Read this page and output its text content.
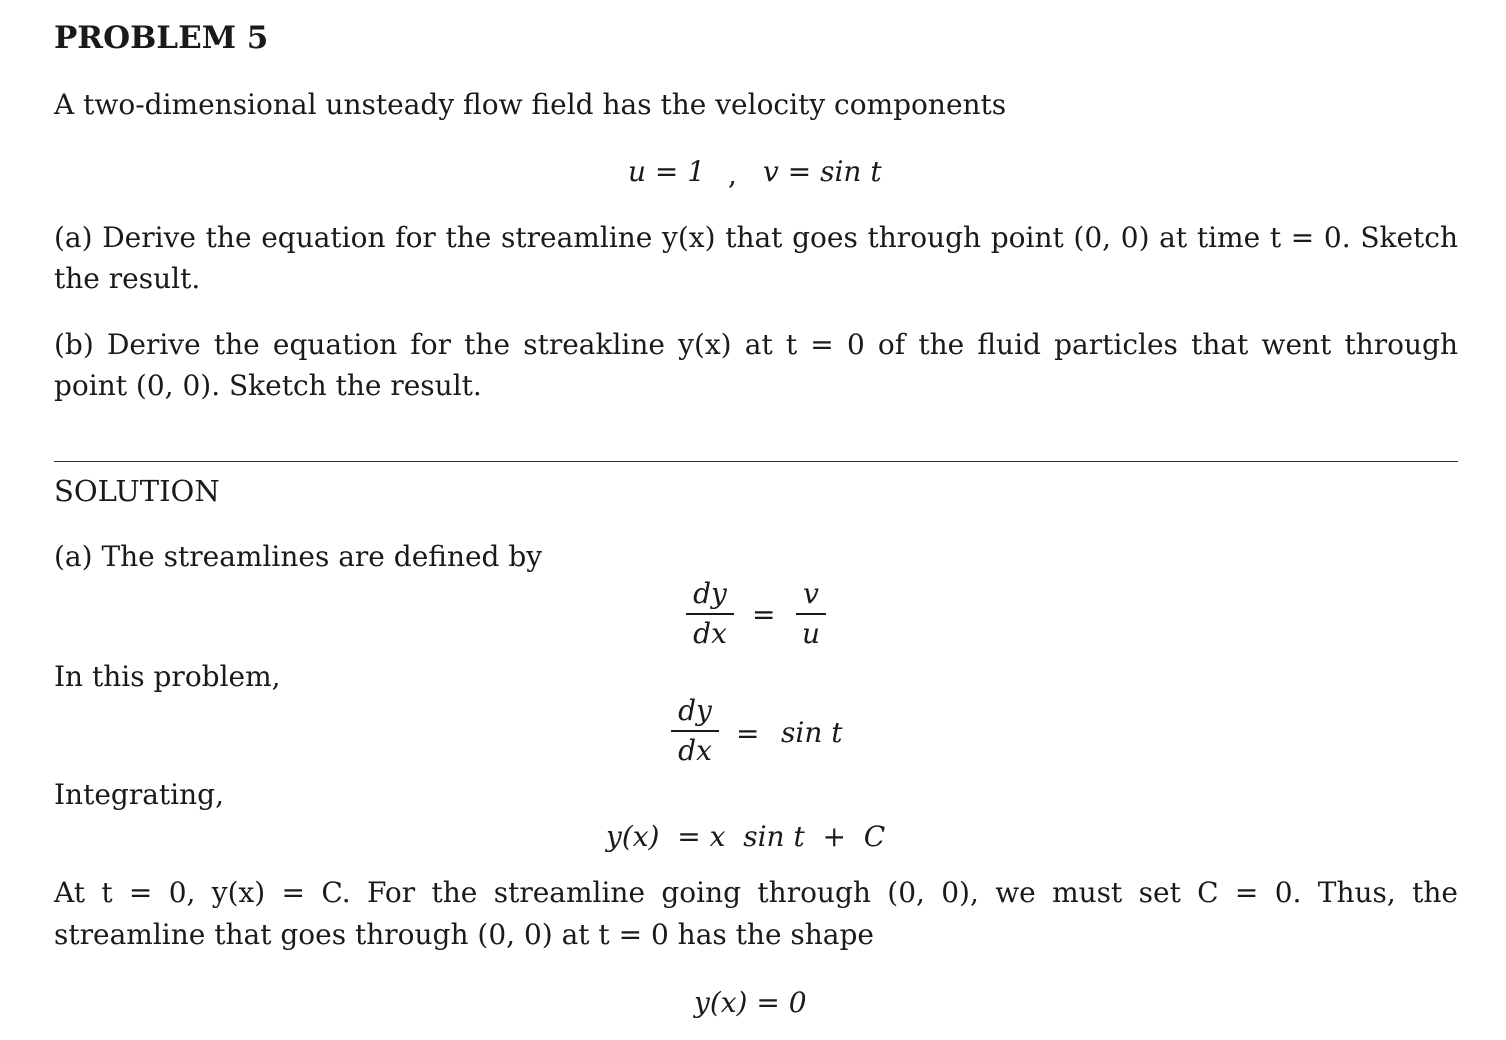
PROBLEM 5
A two-dimensional unsteady flow field has the velocity components
u = 1 , v = sin t
(a) Derive the equation for the streamline y(x) that goes through point (0, 0) at time t = 0. Sketch
the result.
(b) Derive the equation for the streakline y(x) at t = 0 of the fluid particles that went through
point (0, 0). Sketch the result.
SOLUTION
(a) The streamlines are defined by
dy
dx
=
v
u
In this problem,
dy
dx
= sin t
Integrating,
y(x)  = x  sin t  +  C
At t = 0, y(x) = C. For the streamline going through (0, 0), we must set C = 0. Thus, the
streamline that goes through (0, 0) at t = 0 has the shape
y(x) = 0
